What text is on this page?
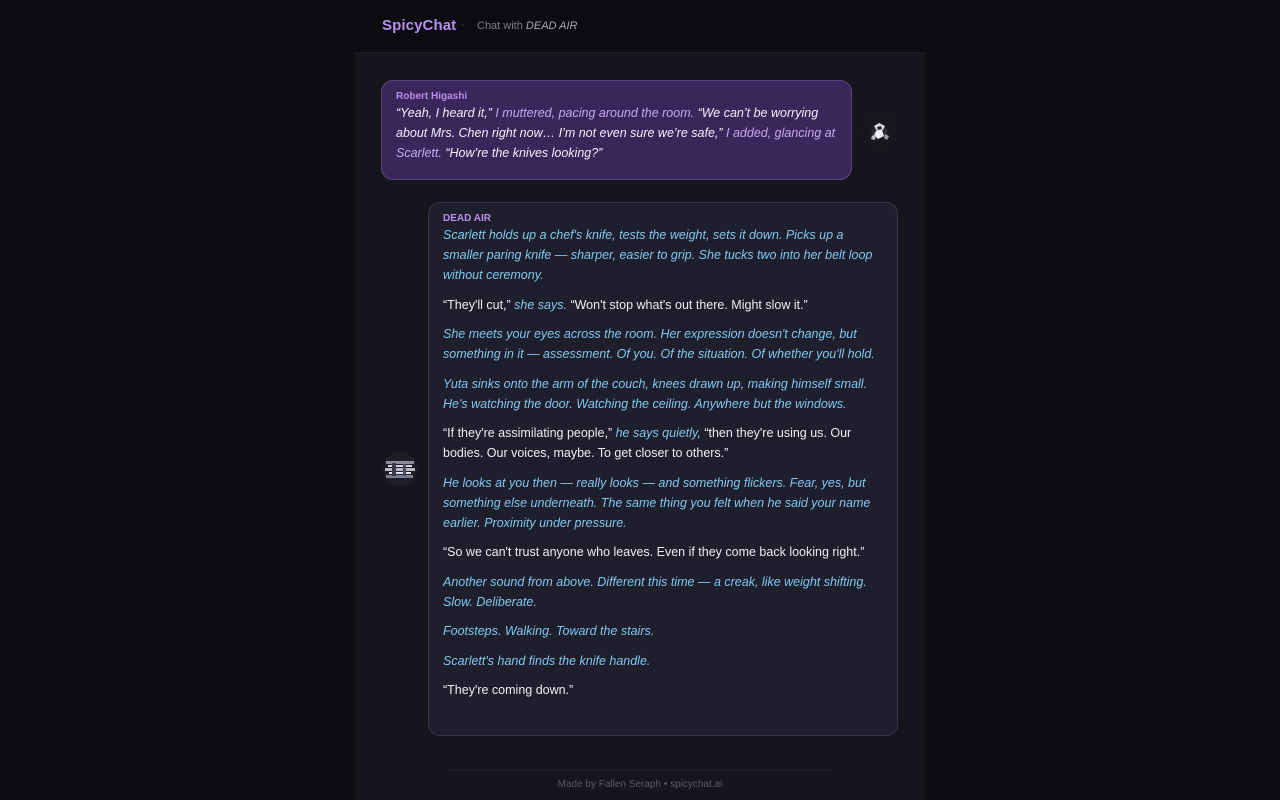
SpicyChat · Chat with DEAD AIR
Robert Higashi
“Yeah, I heard it,” I muttered, pacing around the room. “We can’t be worrying about Mrs. Chen right now… I’m not even sure we’re safe,” I added, glancing at Scarlett. “How’re the knives looking?”
DEAD AIR
Scarlett holds up a chef's knife, tests the weight, sets it down. Picks up a smaller paring knife — sharper, easier to grip. She tucks two into her belt loop without ceremony.
“They'll cut,” she says. “Won't stop what's out there. Might slow it.”
She meets your eyes across the room. Her expression doesn't change, but something in it — assessment. Of you. Of the situation. Of whether you'll hold.
Yuta sinks onto the arm of the couch, knees drawn up, making himself small. He's watching the door. Watching the ceiling. Anywhere but the windows.
“If they're assimilating people,” he says quietly, “then they're using us. Our bodies. Our voices, maybe. To get closer to others.”
He looks at you then — really looks — and something flickers. Fear, yes, but something else underneath. The same thing you felt when he said your name earlier. Proximity under pressure.
“So we can't trust anyone who leaves. Even if they come back looking right.”
Another sound from above. Different this time — a creak, like weight shifting. Slow. Deliberate.
Footsteps. Walking. Toward the stairs.
Scarlett's hand finds the knife handle.
“They're coming down.”
Made by Fallen Seraph • spicychat.ai
